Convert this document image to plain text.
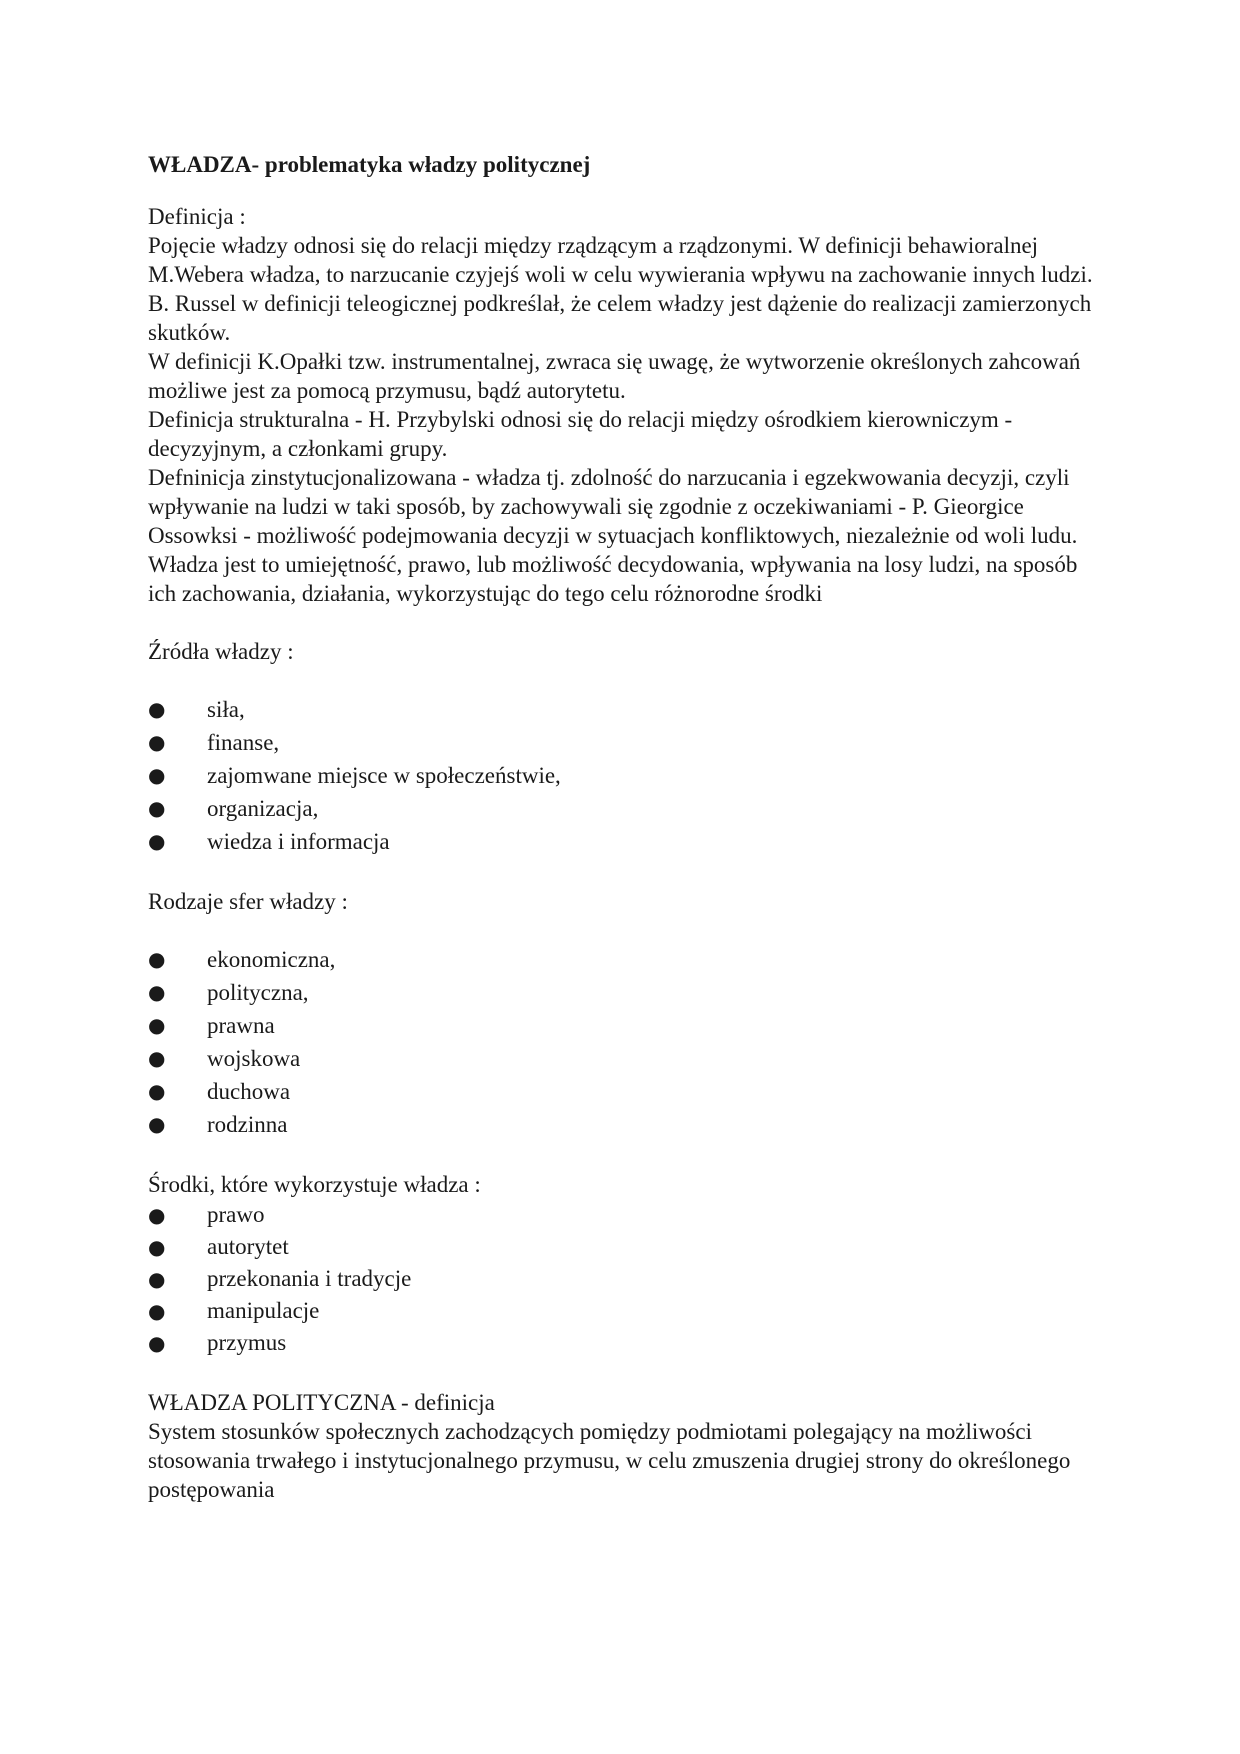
WŁADZA- problematyka władzy politycznej
Definicja :

Pojęcie władzy odnosi się do relacji między rządzącym a rządzonymi. W definicji behawioralnej M.Webera władza, to narzucanie czyjejś woli w celu wywierania wpływu na zachowanie innych ludzi.

B. Russel w definicji teleogicznej podkreślał, że celem władzy jest dążenie do realizacji zamierzonych skutków.

W definicji K.Opałki tzw. instrumentalnej, zwraca się uwagę, że wytworzenie określonych zahcowań możliwe jest za pomocą przymusu, bądź autorytetu.

Definicja strukturalna - H. Przybylski odnosi się do relacji między ośrodkiem kierowniczym - decyzyjnym, a członkami grupy.

Defninicja zinstytucjonalizowana - władza tj. zdolność do narzucania i egzekwowania decyzji, czyli wpływanie na ludzi w taki sposób, by zachowywali się zgodnie z oczekiwaniami - P. Gieorgice

Ossowksi - możliwość podejmowania decyzji w sytuacjach konfliktowych, niezależnie od woli ludu.

Władza jest to umiejętność, prawo, lub możliwość decydowania, wpływania na losy ludzi, na sposób ich zachowania, działania, wykorzystując do tego celu różnorodne środki

Źródła władzy :
● siła,
● finanse,
● zajomwane miejsce w społeczeństwie,
● organizacja,
● wiedza i informacja
Rodzaje sfer władzy :
● ekonomiczna,
● polityczna,
● prawna
● wojskowa
● duchowa
● rodzinna
Środki, które wykorzystuje władza :
● prawo
● autorytet
● przekonania i tradycje
● manipulacje
● przymus
WŁADZA POLITYCZNA - definicja

System stosunków społecznych zachodzących pomiędzy podmiotami polegający na możliwości stosowania trwałego i instytucjonalnego przymusu, w celu zmuszenia drugiej strony do określonego postępowania
